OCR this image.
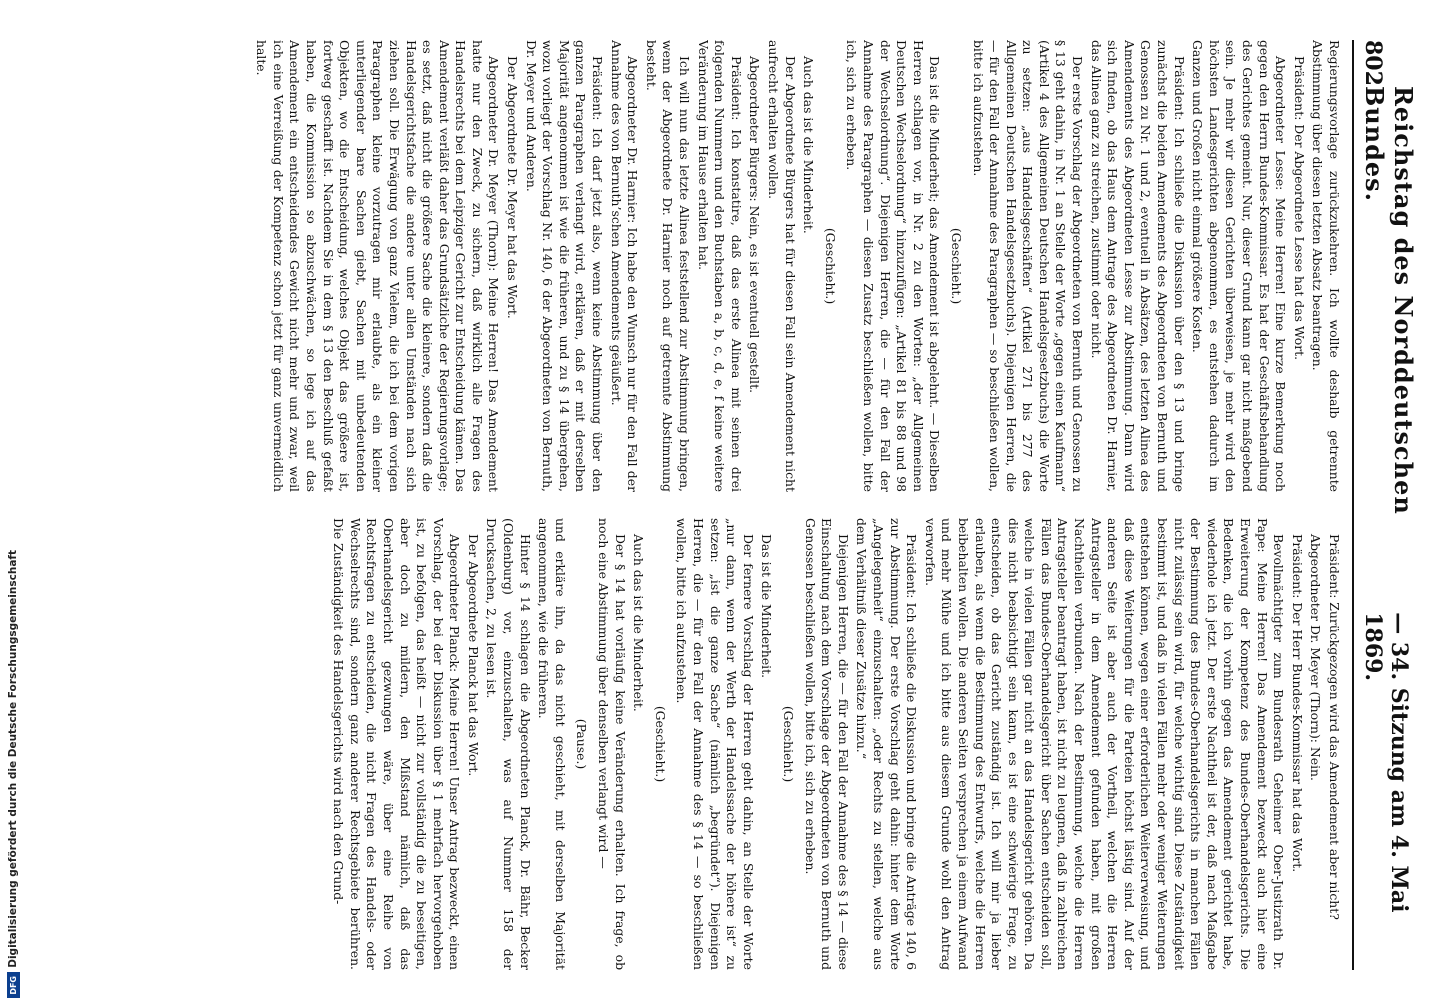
802
Reichstag des Norddeutschen Bundes.
— 34. Sitzung am 4. Mai 1869.

Regierungsvorlage zurückzukehren. Ich wollte deshalb getrennte Abstimmung über diesen letzten Absatz beantragen.

Präsident: Der Abgeordnete Lesse hat das Wort.

Abgeordneter Lesse: Meine Herren! Eine kurze Bemerkung noch gegen den Herrn Bundes-Kommissar. Es hat der Geschäftsbehandlung des Gerichtes gemeint. Nur, dieser Grund kann gar nicht maßgebend sein. Je mehr wir diesen Gerichten überweisen, je mehr wird den höchsten Landesgerichten abgenommen, es entstehen dadurch im Ganzen und Großen nicht einmal größere Kosten.

Präsident: Ich schließe die Diskussion über den § 13 und bringe zunächst die beiden Amendements des Abgeordneten von Bernuth und Genossen zu Nr. 1 und 2, eventuell in Absätzen, des letzten Alinea des Amendements des Abgeordneten Lesse zur Abstimmung. Dann wird sich finden, ob das Haus dem Antrage des Abgeordneten Dr. Harnier, das Alinea ganz zu streichen, zustimmt oder nicht.

Der erste Vorschlag der Abgeordneten von Bernuth und Genossen zu § 13 geht dahin, in Nr. 1 an Stelle der Worte „gegen einen Kaufmann“ (Artikel 4 des Allgemeinen Deutschen Handelsgesetzbuchs) die Worte zu setzen: „aus Handelsgeschäften“ (Artikel 271 bis 277 des Allgemeinen Deutschen Handelsgesetzbuchs). Diejenigen Herren, die — für den Fall der Annahme des Paragraphen — so beschließen wollen, bitte ich aufzustehen.

(Geschieht.)

Das ist die Minderheit; das Amendement ist abgelehnt. — Dieselben Herren schlagen vor, in Nr. 2 zu den Worten: „der Allgemeinen Deutschen Wechselordnung“ hinzuzufügen: „Artikel 81 bis 88 und 98 der Wechselordnung“. Diejenigen Herren, die — für den Fall der Annahme des Paragraphen — diesen Zusatz beschließen wollen, bitte ich, sich zu erheben.

(Geschieht.)

Auch das ist die Minderheit.

Der Abgeordnete Bürgers hat für diesen Fall sein Amendement nicht aufrecht erhalten wollen.

Abgeordneter Bürgers: Nein, es ist eventuell gestellt.

Präsident: Ich konstatire, daß das erste Alinea mit seinen drei folgenden Nummern und den Buchstaben a, b, c, d, e, f keine weitere Veränderung im Hause erhalten hat.

Ich will nun das letzte Alinea feststellend zur Abstimmung bringen, wenn der Abgeordnete Dr. Harnier noch auf getrennte Abstimmung besteht.

Abgeordneter Dr. Harnier: Ich habe den Wunsch nur für den Fall der Annahme des von Bernuth’schen Amendements geäußert.

Präsident: Ich darf jetzt also, wenn keine Abstimmung über den ganzen Paragraphen verlangt wird, erklären, daß er mit derselben Majorität angenommen ist wie die früheren, und zu § 14 übergehen, wozu vorliegt der Vorschlag Nr. 140, 6 der Abgeordneten von Bernuth, Dr. Meyer und Anderen.

Der Abgeordnete Dr. Meyer hat das Wort.

Abgeordneter Dr. Meyer (Thorn): Meine Herren! Das Amendement hatte nur den Zweck, zu sichern, daß wirklich alle Fragen des Handelsrechts bei dem Leipziger Gericht zur Entscheidung kämen. Das Amendement verläßt daher das Grundsätzliche der Regierungsvorlage; es setzt, daß nicht die größere Sache die kleinere, sondern daß die Handelsgerichtsfache die andere unter allen Umständen nach sich ziehen soll. Die Erwägung von ganz Vielem, die ich bei dem vorigen Paragraphen kleine vorzutragen mir erlaubte, als ein kleiner unterliegender bare Sachen giebt, Sachen mit unbedeutenden Objekten, wo die Entscheidung, welches Objekt das größere ist, fortweg geschafft ist. Nachdem Sie in dem § 13 den Beschluß gefaßt haben, die Kommission so abzuschwächen, so lege ich auf das Amendement ein entscheidendes Gewicht nicht mehr und zwar, weil ich eine Verreißung der Kompetenz schon jetzt für ganz unvermeidlich halte.

Präsident: Zurückgezogen wird das Amendement aber nicht?

Abgeordneter Dr. Meyer (Thorn): Nein.

Präsident: Der Herr Bundes-Kommissar hat das Wort.

Bevollmächtigter zum Bundesrath Geheimer Ober-Justizrath Dr. Pape: Meine Herren! Das Amendement bezweckt auch hier eine Erweiterung der Kompetenz des Bundes-Oberhandelsgerichts. Die Bedenken, die ich vorhin gegen das Amendement gerichtet habe, wiederhole ich jetzt. Der erste Nachtheil ist der, daß nach Maßgabe der Bestimmung des Bundes-Oberhandelsgerichts in manchen Fällen nicht zulässig sein wird, für welche wichtig sind. Diese Zuständigkeit bestimmt ist, und daß in vielen Fällen mehr oder weniger Weiterungen entstehen können, wegen einer erforderlichen Weiterverweisung, und daß diese Weiterungen für die Parteien höchst lästig sind. Auf der anderen Seite ist aber auch der Vortheil, welchen die Herren Antragsteller in dem Amendement gefunden haben, mit großen Nachtheilen verbunden. Nach der Bestimmung, welche die Herren Antragsteller beantragt haben, ist nicht zu leugnen, daß in zahlreichen Fällen das Bundes-Oberhandelsgericht über Sachen entscheiden soll, welche in vielen Fällen gar nicht an das Handelsgericht gehören. Da dies nicht beabsichtigt sein kann, es ist eine schwierige Frage, zu entscheiden, ob das Gericht zuständig ist. Ich will mir ja lieber erlauben, als wenn die Bestimmung des Entwurfs, welche die Herren beibehalten wollen. Die anderen Seiten versprechen ja einem Aufwand und mehr Mühe und ich bitte aus diesem Grunde wohl den Antrag verworfen.

Präsident: Ich schließe die Diskussion und bringe die Anträge 140, 6 zur Abstimmung. Der erste Vorschlag geht dahin: hinter dem Worte „Angelegenheit“ einzuschalten: „oder Rechts zu stellen, welche aus dem Verhältniß dieser Zusätze hinzu.“

Diejenigen Herren, die — für den Fall der Annahme des § 14 — diese Einschaltung nach dem Vorschlage der Abgeordneten von Bernuth und Genossen beschließen wollen, bitte ich, sich zu erheben.

(Geschieht.)

Das ist die Minderheit.

Der fernere Vorschlag der Herren geht dahin, an Stelle der Worte „nur dann, wenn der Werth der Handelssache der höhere ist“ zu setzen: „ist die ganze Sache“ (nämlich „begründet“). Diejenigen Herren, die — für den Fall der Annahme des § 14 — so beschließen wollen, bitte ich aufzustehen.

(Geschieht.)

Auch das ist die Minderheit.

Der § 14 hat vorläufig keine Veränderung erhalten. Ich frage, ob noch eine Abstimmung über denselben verlangt wird —

(Pause.)

und erkläre ihn, da das nicht geschieht, mit derselben Majorität angenommen, wie die früheren.

Hinter § 14 schlagen die Abgeordneten Planck, Dr. Bähr, Becker (Oldenburg) vor, einzuschalten, was auf Nummer 158 der Drucksachen, 2, zu lesen ist.

Der Abgeordnete Planck hat das Wort.

Abgeordneter Planck: Meine Herren! Unser Antrag bezweckt, einen Vorschlag, der bei der Diskussion über § 1 mehrfach hervorgehoben ist, zu befolgen, das heißt — nicht zur vollständig die zu beseitigen, aber doch zu mildern, den Mißstand nämlich, daß das Oberhandelsgericht gezwungen wäre, über eine Reihe von Rechtsfragen zu entscheiden, die nicht Fragen des Handels- oder Wechselrechts sind, sondern ganz anderer Rechtsgebiete berühren. Die Zuständigkeit des Handelsgerichts wird nach den Grund-

Digitalisierung gefördert durch die Deutsche Forschungsgemeinschaft
DFG
